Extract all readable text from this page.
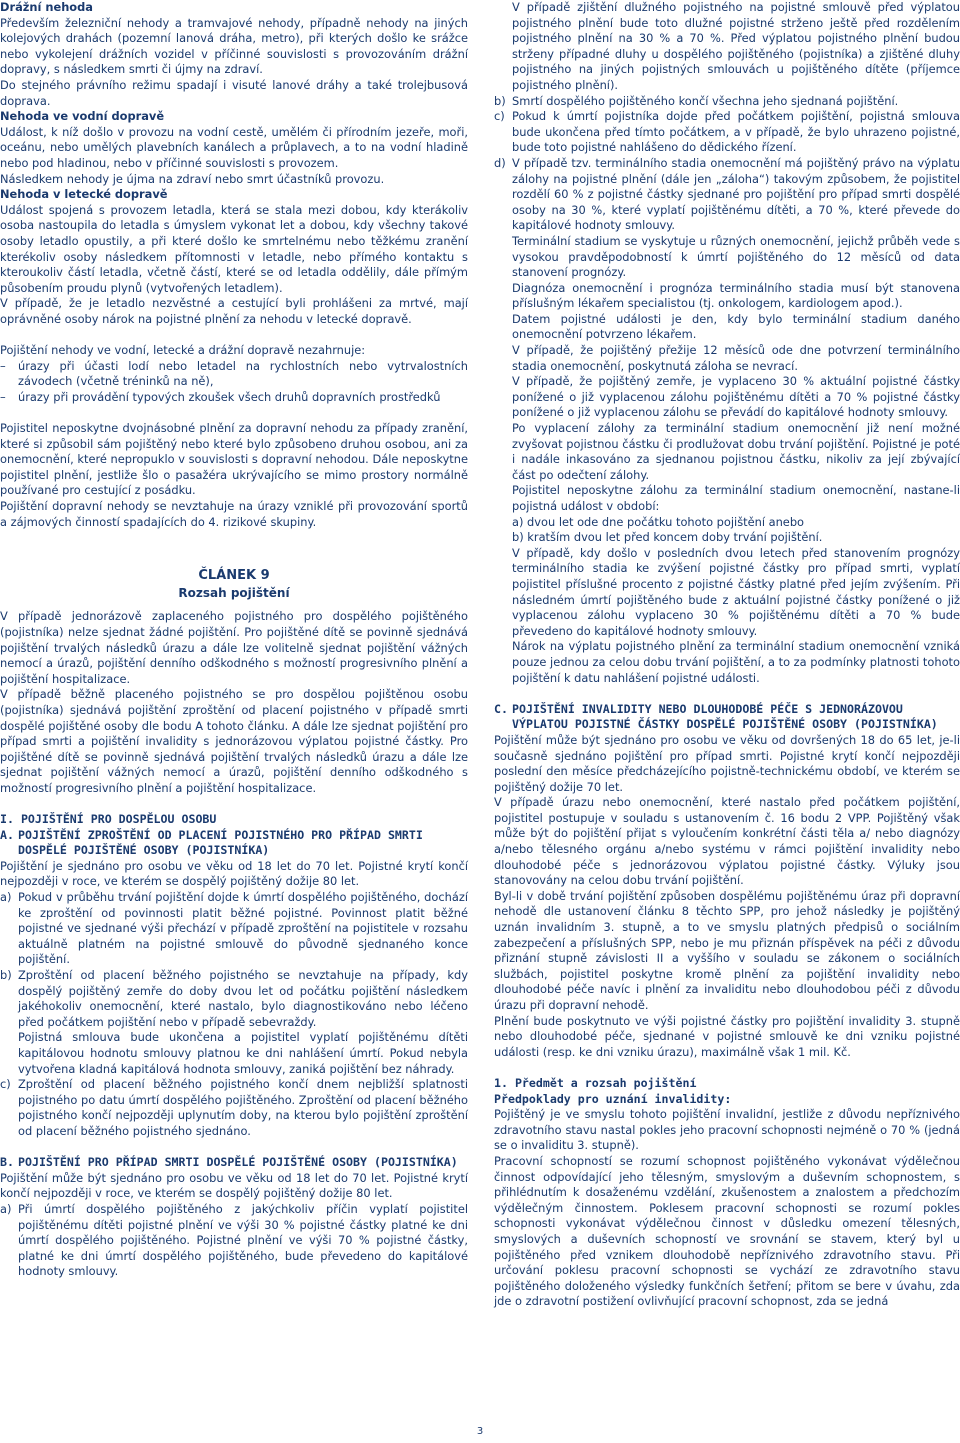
Drážní nehoda

Především železniční nehody a tramvajové nehody, případně nehody na jiných kolejových drahách (pozemní lanová dráha, metro), při kterých došlo ke srážce nebo vykolejení drážních vozidel v příčinné souvislosti s provozováním drážní dopravy, s následkem smrti či újmy na zdraví.

Do stejného právního režimu spadají i visuté lanové dráhy a také trolejbusová doprava.

Nehoda ve vodní dopravě

Událost, k níž došlo v provozu na vodní cestě, umělém či přírodním jezeře, moři, oceánu, nebo umělých plavebních kanálech a průplavech, a to na vodní hladině nebo pod hladinou, nebo v příčinné souvislosti s provozem.

Následkem nehody je újma na zdraví nebo smrt účastníků provozu.

Nehoda v letecké dopravě

Událost spojená s provozem letadla, která se stala mezi dobou, kdy kterákoliv osoba nastoupila do letadla s úmyslem vykonat let a dobou, kdy všechny takové osoby letadlo opustily, a při které došlo ke smrtelnému nebo těžkému zranění kterékoliv osoby následkem přítomnosti v letadle, nebo přímého kontaktu s kteroukoliv částí letadla, včetně částí, které se od letadla oddělily, dále přímým působením proudu plynů (vytvořených letadlem).

V případě, že je letadlo nezvěstné a cestující byli prohlášeni za mrtvé, mají oprávněné osoby nárok na pojistné plnění za nehodu v letecké dopravě.

Pojištění nehody ve vodní, letecké a drážní dopravě nezahrnuje:

–	úrazy při účasti lodí nebo letadel na rychlostních nebo vytrvalostních závodech (včetně tréninků na ně),
–	úrazy při provádění typových zkoušek všech druhů dopravních prostředků

Pojistitel neposkytne dvojnásobné plnění za dopravní nehodu za případy zranění, které si způsobil sám pojištěný nebo které bylo způsobeno druhou osobou, ani za onemocnění, které nepropuklo v souvislosti s dopravní nehodou. Dále neposkytne pojistitel plnění, jestliže šlo o pasažéra ukrývajícího se mimo prostory normálně používané pro cestující z posádku.

Pojištění dopravní nehody se nevztahuje na úrazy vzniklé při provozování sportů a zájmových činností spadajících do 4. rizikové skupiny.

ČLÁNEK 9

Rozsah pojištění

V případě jednorázově zaplaceného pojistného pro dospělého pojištěného (pojistníka) nelze sjednat žádné pojištění. Pro pojištěné dítě se povinně sjednává pojištění trvalých následků úrazu a dále lze volitelně sjednat pojištění vážných nemocí a úrazů, pojištění denního odškodného s možností progresivního plnění a pojištění hospitalizace.

V případě běžně placeného pojistného se pro dospělou pojištěnou osobu (pojistníka) sjednává pojištění zproštění od placení pojistného v případě smrti dospělé pojištěné osoby dle bodu A tohoto článku. A dále lze sjednat pojištění pro případ smrti a pojištění invalidity s jednorázovou výplatou pojistné částky. Pro pojištěné dítě se povinně sjednává pojištění trvalých následků úrazu a dále lze sjednat pojištění vážných nemocí a úrazů, pojištění denního odškodného s možností progresivního plnění a pojištění hospitalizace.

I. POJIŠTĚNÍ PRO DOSPĚLOU OSOBU

A. POJIŠTĚNÍ ZPROŠTĚNÍ OD PLACENÍ POJISTNÉHO PRO PŘÍPAD SMRTI DOSPĚLÉ POJIŠTĚNÉ OSOBY (POJISTNÍKA)

Pojištění je sjednáno pro osobu ve věku od 18 let do 70 let. Pojistné krytí končí nejpozději v roce, ve kterém se dospělý pojištěný dožije 80 let.

a) Pokud v průběhu trvání pojištění dojde k úmrtí dospělého pojištěného, dochází ke zproštění od povinnosti platit běžné pojistné. Povinnost platit běžné pojistné ve sjednané výši přechází v případě zproštění na pojistitele v rozsahu aktuálně platném na pojistné smlouvě do původně sjednaného konce pojištění.
b) Zproštění od placení běžného pojistného se nevztahuje na případy, kdy dospělý pojištěný zemře do doby dvou let od počátku pojištění následkem jakéhokoliv onemocnění, které nastalo, bylo diagnostikováno nebo léčeno před počátkem pojištění nebo v případě sebevraždy.

Pojistná smlouva bude ukončena a pojistitel vyplatí pojištěnému dítěti kapitálovou hodnotu smlouvy platnou ke dni nahlášení úmrtí. Pokud nebyla vytvořena kladná kapitálová hodnota smlouvy, zaniká pojištění bez náhrady.

c) Zproštění od placení běžného pojistného končí dnem nejbližší splatnosti pojistného po datu úmrtí dospělého pojištěného. Zproštění od placení běžného pojistného končí nejpozději uplynutím doby, na kterou bylo pojištění zproštění od placení běžného pojistného sjednáno.
B. POJIŠTĚNÍ PRO PŘÍPAD SMRTI DOSPĚLÉ POJIŠTĚNÉ OSOBY (POJISTNÍKA)

Pojištění může být sjednáno pro osobu ve věku od 18 let do 70 let. Pojistné krytí končí nejpozději v roce, ve kterém se dospělý pojištěný dožije 80 let.

a) Při úmrtí dospělého pojištěného z jakýchkoliv příčin vyplatí pojistitel pojištěnému dítěti pojistné plnění ve výši 30 % pojistné částky platné ke dni úmrtí dospělého pojištěného. Pojistné plnění ve výši 70 % pojistné částky, platné ke dni úmrtí dospělého pojištěného, bude převedeno do kapitálové hodnoty smlouvy.

V případě zjištění dlužného pojistného na pojistné smlouvě před výplatou pojistného plnění bude toto dlužné pojistné strženo ještě před rozdělením pojistného plnění na 30 % a 70 %. Před výplatou pojistného plnění budou strženy případné dluhy u dospělého pojištěného (pojistníka) a zjištěné dluhy pojistného na jiných pojistných smlouvách u pojištěného dítěte (příjemce pojistného plnění).

b) Smrtí dospělého pojištěného končí všechna jeho sjednaná pojištění.
c) Pokud k úmrtí pojistníka dojde před počátkem pojištění, pojistná smlouva bude ukončena před tímto počátkem, a v případě, že bylo uhrazeno pojistné, bude toto pojistné nahlášeno do dědického řízení.
d) V případě tzv. terminálního stadia onemocnění má pojištěný právo na výplatu zálohy na pojistné plnění (dále jen „záloha“) takovým způsobem, že pojistitel rozdělí 60 % z pojistné částky sjednané pro pojištění pro případ smrti dospělé osoby na 30 %, které vyplatí pojištěnému dítěti, a 70 %, které převede do kapitálové hodnoty smlouvy.

Terminální stadium se vyskytuje u různých onemocnění, jejichž průběh vede s vysokou pravděpodobností k úmrtí pojištěného do 12 měsíců od data stanovení prognózy.

Diagnóza onemocnění i prognóza terminálního stadia musí být stanovena příslušným lékařem specialistou (tj. onkologem, kardiologem apod.).

Datem pojistné události je den, kdy bylo terminální stadium daného onemocnění potvrzeno lékařem.

V případě, že pojištěný přežije 12 měsíců ode dne potvrzení terminálního stadia onemocnění, poskytnutá záloha se nevrací.

V případě, že pojištěný zemře, je vyplaceno 30 % aktuální pojistné částky ponížené o již vyplacenou zálohu pojištěnému dítěti a 70 % pojistné částky ponížené o již vyplacenou zálohu se převádí do kapitálové hodnoty smlouvy.

Po vyplacení zálohy za terminální stadium onemocnění již není možné zvyšovat pojistnou částku či prodlužovat dobu trvání pojištění. Pojistné je poté i nadále inkasováno za sjednanou pojistnou částku, nikoliv za její zbývající část po odečtení zálohy.

Pojistitel neposkytne zálohu za terminální stadium onemocnění, nastane-li pojistná událost v období:

a) dvou let ode dne počátku tohoto pojištění anebo

b) kratším dvou let před koncem doby trvání pojištění.

V případě, kdy došlo v posledních dvou letech před stanovením prognózy terminálního stadia ke zvýšení pojistné částky pro případ smrti, vyplatí pojistitel příslušné procento z pojistné částky platné před jejím zvýšením. Při následném úmrtí pojištěného bude z aktuální pojistné částky ponížené o již vyplacenou zálohu vyplaceno 30 % pojištěnému dítěti a 70 % bude převedeno do kapitálové hodnoty smlouvy.

Nárok na výplatu pojistného plnění za terminální stadium onemocnění vzniká pouze jednou za celou dobu trvání pojištění, a to za podmínky platnosti tohoto pojištění k datu nahlášení pojistné události.

C. POJIŠTĚNÍ INVALIDITY NEBO DLOUHODOBÉ PÉČE S JEDNORÁZOVOU VÝPLATOU POJISTNÉ ČÁSTKY DOSPĚLÉ POJIŠTĚNÉ OSOBY (POJISTNÍKA)

Pojištění může být sjednáno pro osobu ve věku od dovršených 18 do 65 let, je-li současně sjednáno pojištění pro případ smrti. Pojistné krytí končí nejpozději poslední den měsíce předcházejícího pojistně-technickému období, ve kterém se pojištěný dožije 70 let.

V případě úrazu nebo onemocnění, které nastalo před počátkem pojištění, pojistitel postupuje v souladu s ustanovením č. 16 bodu 2 VPP. Pojištěný však může být do pojištění přijat s vyloučením konkrétní části těla a/ nebo diagnózy a/nebo tělesného orgánu a/nebo systému v rámci pojištění invalidity nebo dlouhodobé péče s jednorázovou výplatou pojistné částky. Výluky jsou stanovovány na celou dobu trvání pojištění.

Byl-li v době trvání pojištění způsoben dospělému pojištěnému úraz při dopravní nehodě dle ustanovení článku 8 těchto SPP, pro jehož následky je pojištěný uznán invalidním 3. stupně, a to ve smyslu platných předpisů o sociálním zabezpečení a příslušných SPP, nebo je mu přiznán příspěvek na péči z důvodu přiznání stupně závislosti II a vyššího v souladu se zákonem o sociálních službách, pojistitel poskytne kromě plnění za pojištění invalidity nebo dlouhodobé péče navíc i plnění za invaliditu nebo dlouhodobou péči z důvodu úrazu při dopravní nehodě.

Plnění bude poskytnuto ve výši pojistné částky pro pojištění invalidity 3. stupně nebo dlouhodobé péče, sjednané v pojistné smlouvě ke dni vzniku pojistné události (resp. ke dni vzniku úrazu), maximálně však 1 mil. Kč.

1. Předmět a rozsah pojištění

Předpoklady pro uznání invalidity:

Pojištěný je ve smyslu tohoto pojištění invalidní, jestliže z důvodu nepříznivého zdravotního stavu nastal pokles jeho pracovní schopnosti nejméně o 70 % (jedná se o invaliditu 3. stupně).

Pracovní schopností se rozumí schopnost pojištěného vykonávat výdělečnou činnost odpovídající jeho tělesným, smyslovým a duševním schopnostem, s přihlédnutím k dosaženému vzdělání, zkušenostem a znalostem a předchozím výdělečným činnostem. Poklesem pracovní schopnosti se rozumí pokles schopnosti vykonávat výdělečnou činnost v důsledku omezení tělesných, smyslových a duševních schopností ve srovnání se stavem, který byl u pojištěného před vznikem dlouhodobě nepříznivého zdravotního stavu. Při určování poklesu pracovní schopnosti se vychází ze zdravotního stavu pojištěného doloženého výsledky funkčních šetření; přitom se bere v úvahu, zda jde o zdravotní postižení ovlivňující pracovní schopnost, zda se jedná

3
